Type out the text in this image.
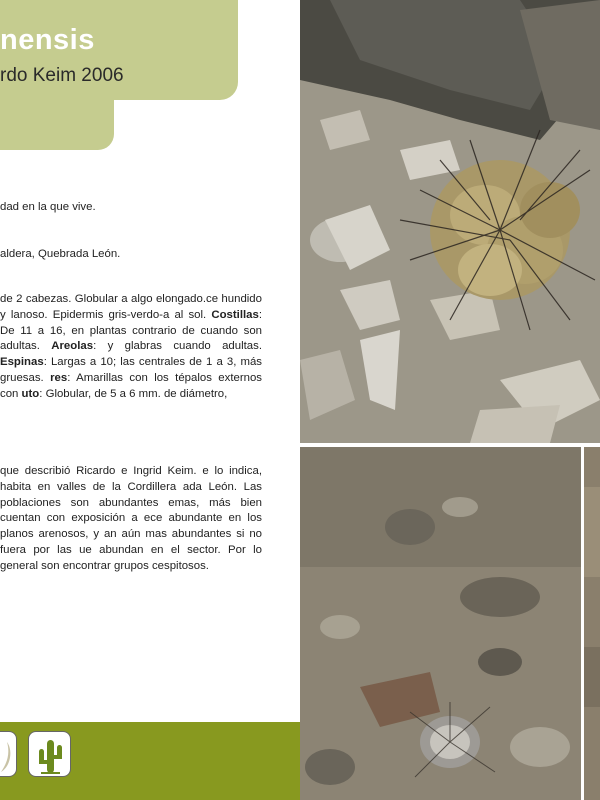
nensis
rdo Keim 2006

dad en la que vive.

aldera, Quebrada León.

de 2 cabezas. Globular a algo elongado.ce hundido y lanoso. Epidermis gris-verdo-a al sol. Costillas: De 11 a 16, en plantas contrario de cuando son adultas. Areolas: y glabras cuando adultas. Espinas: Largas a 10; las centrales de 1 a 3, más gruesas. res: Amarillas con los tépalos externos con uto: Globular, de 5 a 6 mm. de diámetro,

que describió Ricardo e Ingrid Keim. e lo indica, habita en valles de la Cordillera ada León. Las poblaciones son abundantes emas, más bien cuentan con exposición a ece abundante en los planos arenosos, y an aún mas abundantes si no fuera por las ue abundan en el sector. Por lo general son encontrar grupos cespitosos.
